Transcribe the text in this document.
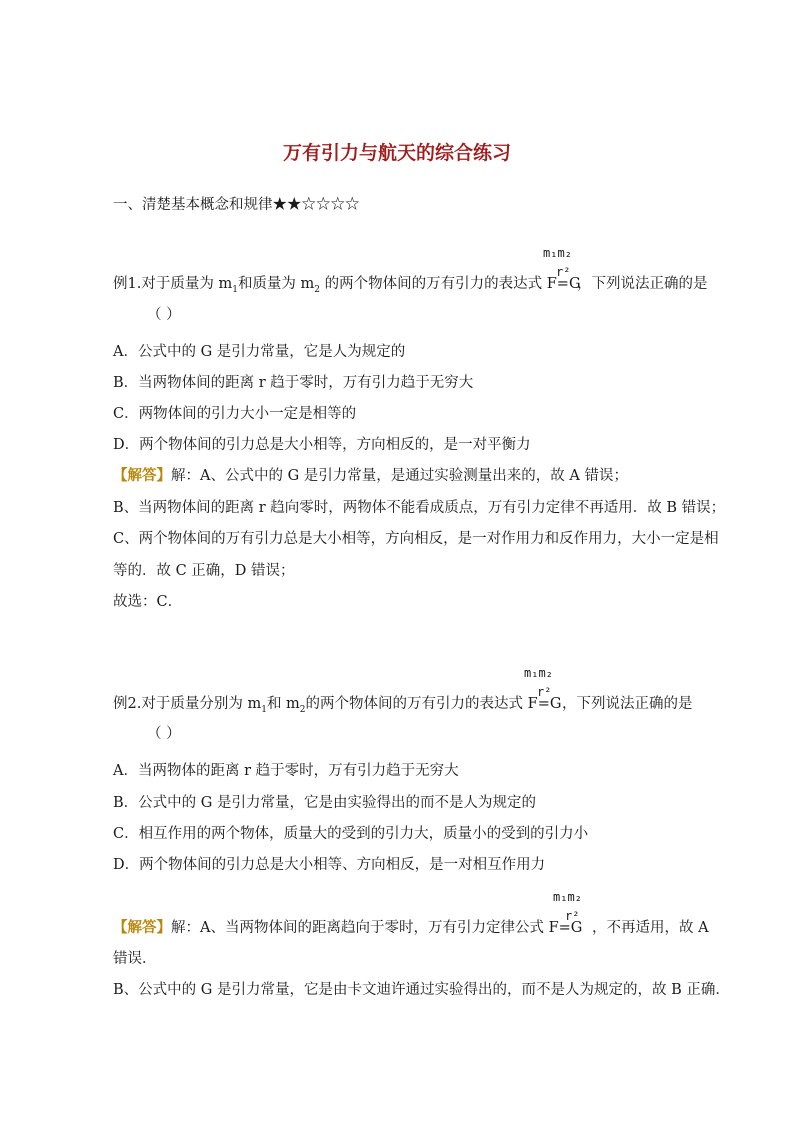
万有引力与航天的综合练习
一、清楚基本概念和规律★★☆☆☆☆
m₁m₂
r²
例1.对于质量为 $m_1$和质量为 $m_2$ 的两个物体间的万有引力的表达式 F=G
，下列说法正确的是
（ ）
A．公式中的 G 是引力常量，它是人为规定的
B．当两物体间的距离 r 趋于零时，万有引力趋于无穷大
C．两物体间的引力大小一定是相等的
D．两个物体间的引力总是大小相等，方向相反的，是一对平衡力
【解答】解：A、公式中的 G 是引力常量，是通过实验测量出来的，故 A 错误；
B、当两物体间的距离 r 趋向零时，两物体不能看成质点，万有引力定律不再适用．故 B 错误；
C、两个物体间的万有引力总是大小相等，方向相反，是一对作用力和反作用力，大小一定是相
等的．故 C 正确，D 错误；
故选：C．
m₁m₂
r²
例2.对于质量分别为 $m_1$和 $m_2$的两个物体间的万有引力的表达式 F=G ，下列说法正确的是
（ ）
A．当两物体的距离 r 趋于零时，万有引力趋于无穷大
B．公式中的 G 是引力常量，它是由实验得出的而不是人为规定的
C．相互作用的两个物体，质量大的受到的引力大，质量小的受到的引力小
D．两个物体间的引力总是大小相等、方向相反，是一对相互作用力
m₁m₂
r²
【解答】解：A、当两物体间的距离趋向于零时，万有引力定律公式 F=G ，不再适用，故 A
错误．
B、公式中的 G 是引力常量，它是由卡文迪许通过实验得出的，而不是人为规定的，故 B 正确．
